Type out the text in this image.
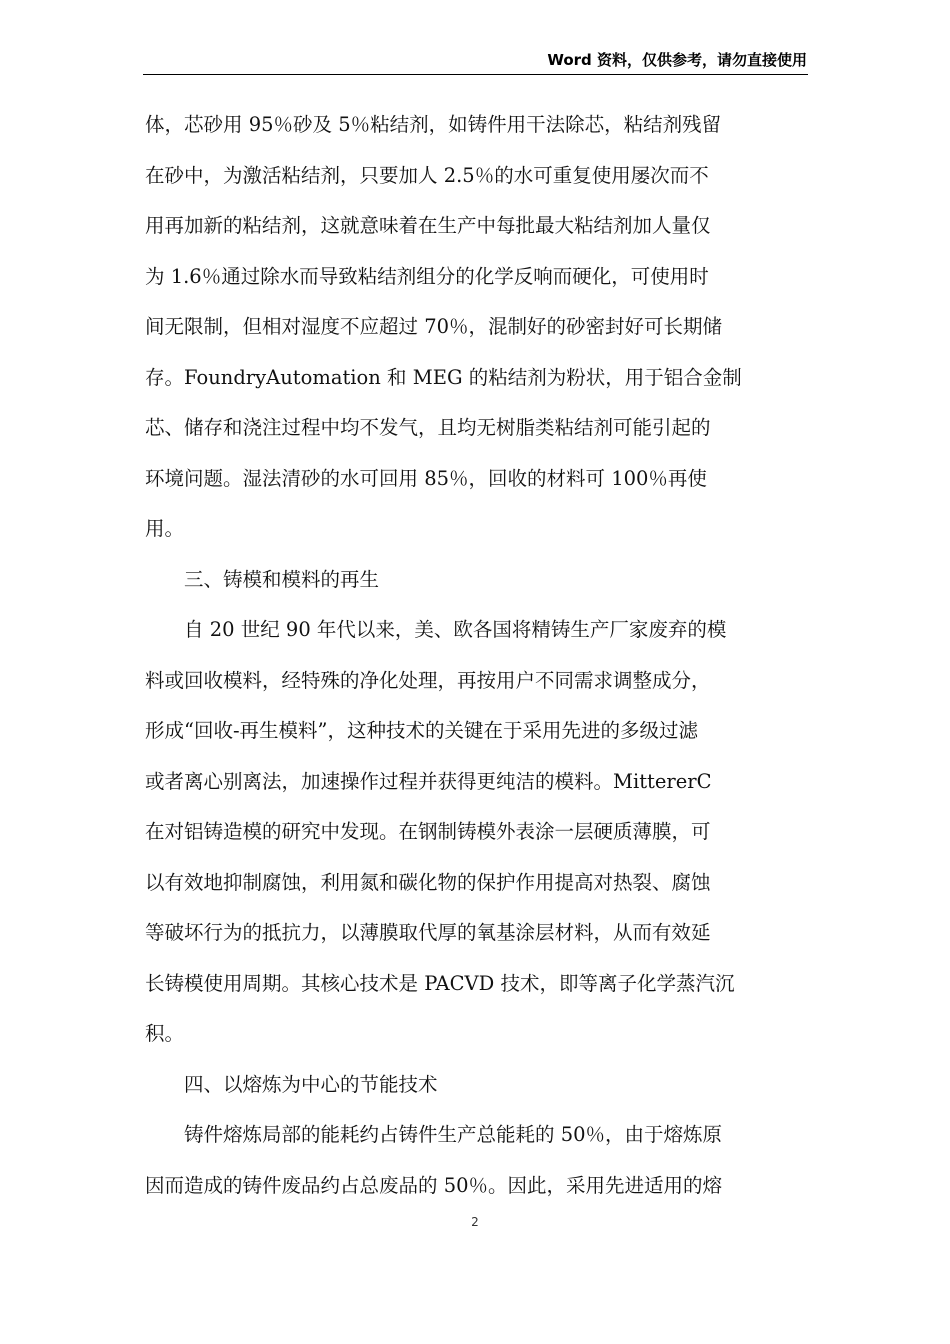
Word 资料，仅供参考，请勿直接使用
体，芯砂用 95％砂及 5％粘结剂，如铸件用干法除芯，粘结剂残留
在砂中，为激活粘结剂，只要加人 2.5％的水可重复使用屡次而不
用再加新的粘结剂，这就意味着在生产中每批最大粘结剂加人量仅
为 1.6％通过除水而导致粘结剂组分的化学反响而硬化，可使用时
间无限制，但相对湿度不应超过 70％，混制好的砂密封好可长期储
存。FoundryAutomation 和 MEG 的粘结剂为粉状，用于铝合金制
芯、储存和浇注过程中均不发气，且均无树脂类粘结剂可能引起的
环境问题。湿法清砂的水可回用 85％，回收的材料可 100％再使
用。
三、铸模和模料的再生
自 20 世纪 90 年代以来，美、欧各国将精铸生产厂家废弃的模
料或回收模料，经特殊的净化处理，再按用户不同需求调整成分，
形成“回收-再生模料”，这种技术的关键在于采用先进的多级过滤
或者离心别离法，加速操作过程并获得更纯洁的模料。MittererC
在对铝铸造模的研究中发现。在钢制铸模外表涂一层硬质薄膜，可
以有效地抑制腐蚀，利用氮和碳化物的保护作用提高对热裂、腐蚀
等破坏行为的抵抗力，以薄膜取代厚的氧基涂层材料，从而有效延
长铸模使用周期。其核心技术是 PACVD 技术，即等离子化学蒸汽沉
积。
四、以熔炼为中心的节能技术
铸件熔炼局部的能耗约占铸件生产总能耗的 50％，由于熔炼原
因而造成的铸件废品约占总废品的 50％。因此，采用先进适用的熔
2
